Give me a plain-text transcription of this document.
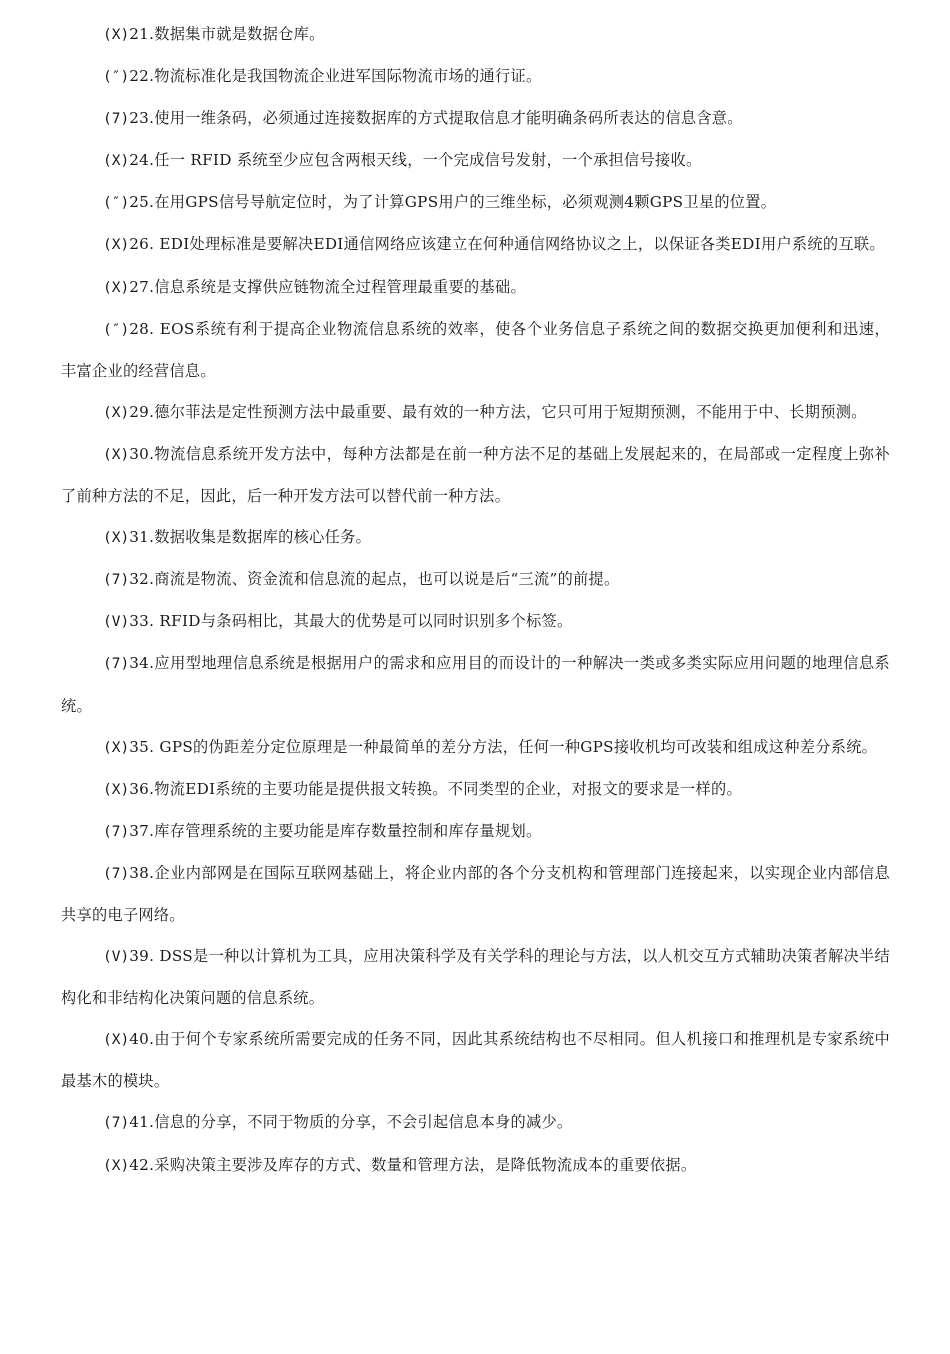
(X)21.数据集市就是数据仓库。

(″)22.物流标准化是我国物流企业进军国际物流市场的通行证。

(7)23.使用一维条码，必须通过连接数据库的方式提取信息才能明确条码所表达的信息含意。

(X)24.任一 RFID 系统至少应包含两根天线，一个完成信号发射，一个承担信号接收。

(″)25.在用GPS信号导航定位时，为了计算GPS用户的三维坐标，必须观测4颗GPS卫星的位置。

(X)26. EDI处理标准是要解决EDI通信网络应该建立在何种通信网络协议之上，以保证各类EDI用户系统的互联。

(X)27.信息系统是支撑供应链物流全过程管理最重要的基础。

(″)28. EOS系统有利于提高企业物流信息系统的效率，使各个业务信息子系统之间的数据交换更加便利和迅速，丰富企业的经营信息。

(X)29.德尔菲法是定性预测方法中最重要、最有效的一种方法，它只可用于短期预测，不能用于中、长期预测。

(X)30.物流信息系统开发方法中，每种方法都是在前一种方法不足的基础上发展起来的，在局部或一定程度上弥补了前种方法的不足，因此，后一种开发方法可以替代前一种方法。

(X)31.数据收集是数据库的核心任务。

(7)32.商流是物流、资金流和信息流的起点，也可以说是后“三流”的前提。

(V)33. RFID与条码相比，其最大的优势是可以同时识别多个标签。

(7)34.应用型地理信息系统是根据用户的需求和应用目的而设计的一种解决一类或多类实际应用问题的地理信息系统。

(X)35. GPS的伪距差分定位原理是一种最简单的差分方法，任何一种GPS接收机均可改装和组成这种差分系统。

(X)36.物流EDI系统的主要功能是提供报文转换。不同类型的企业，对报文的要求是一样的。

(7)37.库存管理系统的主要功能是库存数量控制和库存量规划。

(7)38.企业内部网是在国际互联网基础上，将企业内部的各个分支机构和管理部门连接起来，以实现企业内部信息共享的电子网络。

(V)39. DSS是一种以计算机为工具，应用决策科学及有关学科的理论与方法，以人机交互方式辅助决策者解决半结构化和非结构化决策问题的信息系统。

(X)40.由于何个专家系统所需要完成的任务不同，因此其系统结构也不尽相同。但人机接口和推理机是专家系统中最基木的模块。

(7)41.信息的分享，不同于物质的分享，不会引起信息本身的减少。

(X)42.采购决策主要涉及库存的方式、数量和管理方法，是降低物流成本的重要依据。
